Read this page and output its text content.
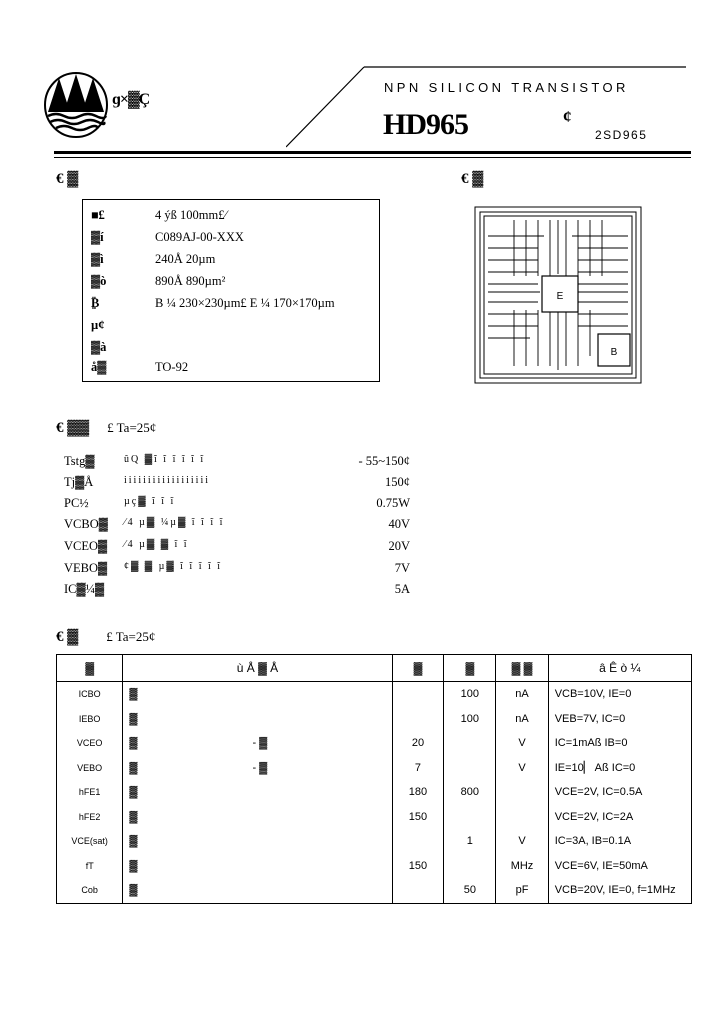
ɡ×▓Ç
NPN SILICON TRANSISTOR
HD965	¢
2SD965
€ ▓
■£	4 ýß 100mm£⁄
▓í	C089AJ-00-XXX
▓ì	240Å 20µm
▓ò	890Å 890µm²
₿	B ¼ 230×230µm£ E ¼ 170×170µm
µ¢
▓à
å▓	TO-92
€ ▓
E
B
€ ▓▓ £ Ta=25¢
Tstg▓	ûQ ▓ĩ ĩ ĩ ĩ ĩ ĩ	- 55~150¢
Tj▓Å	iiiiiiiiiiiiiiiiii	150¢
PC½	µç▓ ĩ ĩ ĩ	0.75W
VCBO▓ ⁄4 µ▓ ¼µ▓ ĩ ĩ ĩ ĩ	40V
VCEO▓ ⁄4 µ▓ ▓ ĩ ĩ	20V
VEBO▓ ¢▓ ▓ µ▓ ĩ ĩ ĩ ĩ ĩ	7V
IC▓¼▓	5A
€ ▓ £ Ta=25¢
▓	ù Å ▓ Å		▓	▓	▓ ▓	â Ê ò ¼
ICBO	▓			100	nA	VCB=10V, IE=0
IEBO	▓			100	nA	VEB=7V, IC=0
VCEO	▓	- ▓	20		V	IC=1mAß IB=0
VEBO	▓	- ▓	7		V	IE=10▏ Aß IC=0
hFE1	▓		180	800		VCE=2V, IC=0.5A
hFE2	▓		150			VCE=2V, IC=2A
VCE(sat)	▓			1	V	IC=3A, IB=0.1A
fT	▓		150		MHz	VCE=6V, IE=50mA
Cob	▓			50	pF	VCB=20V, IE=0, f=1MHz
